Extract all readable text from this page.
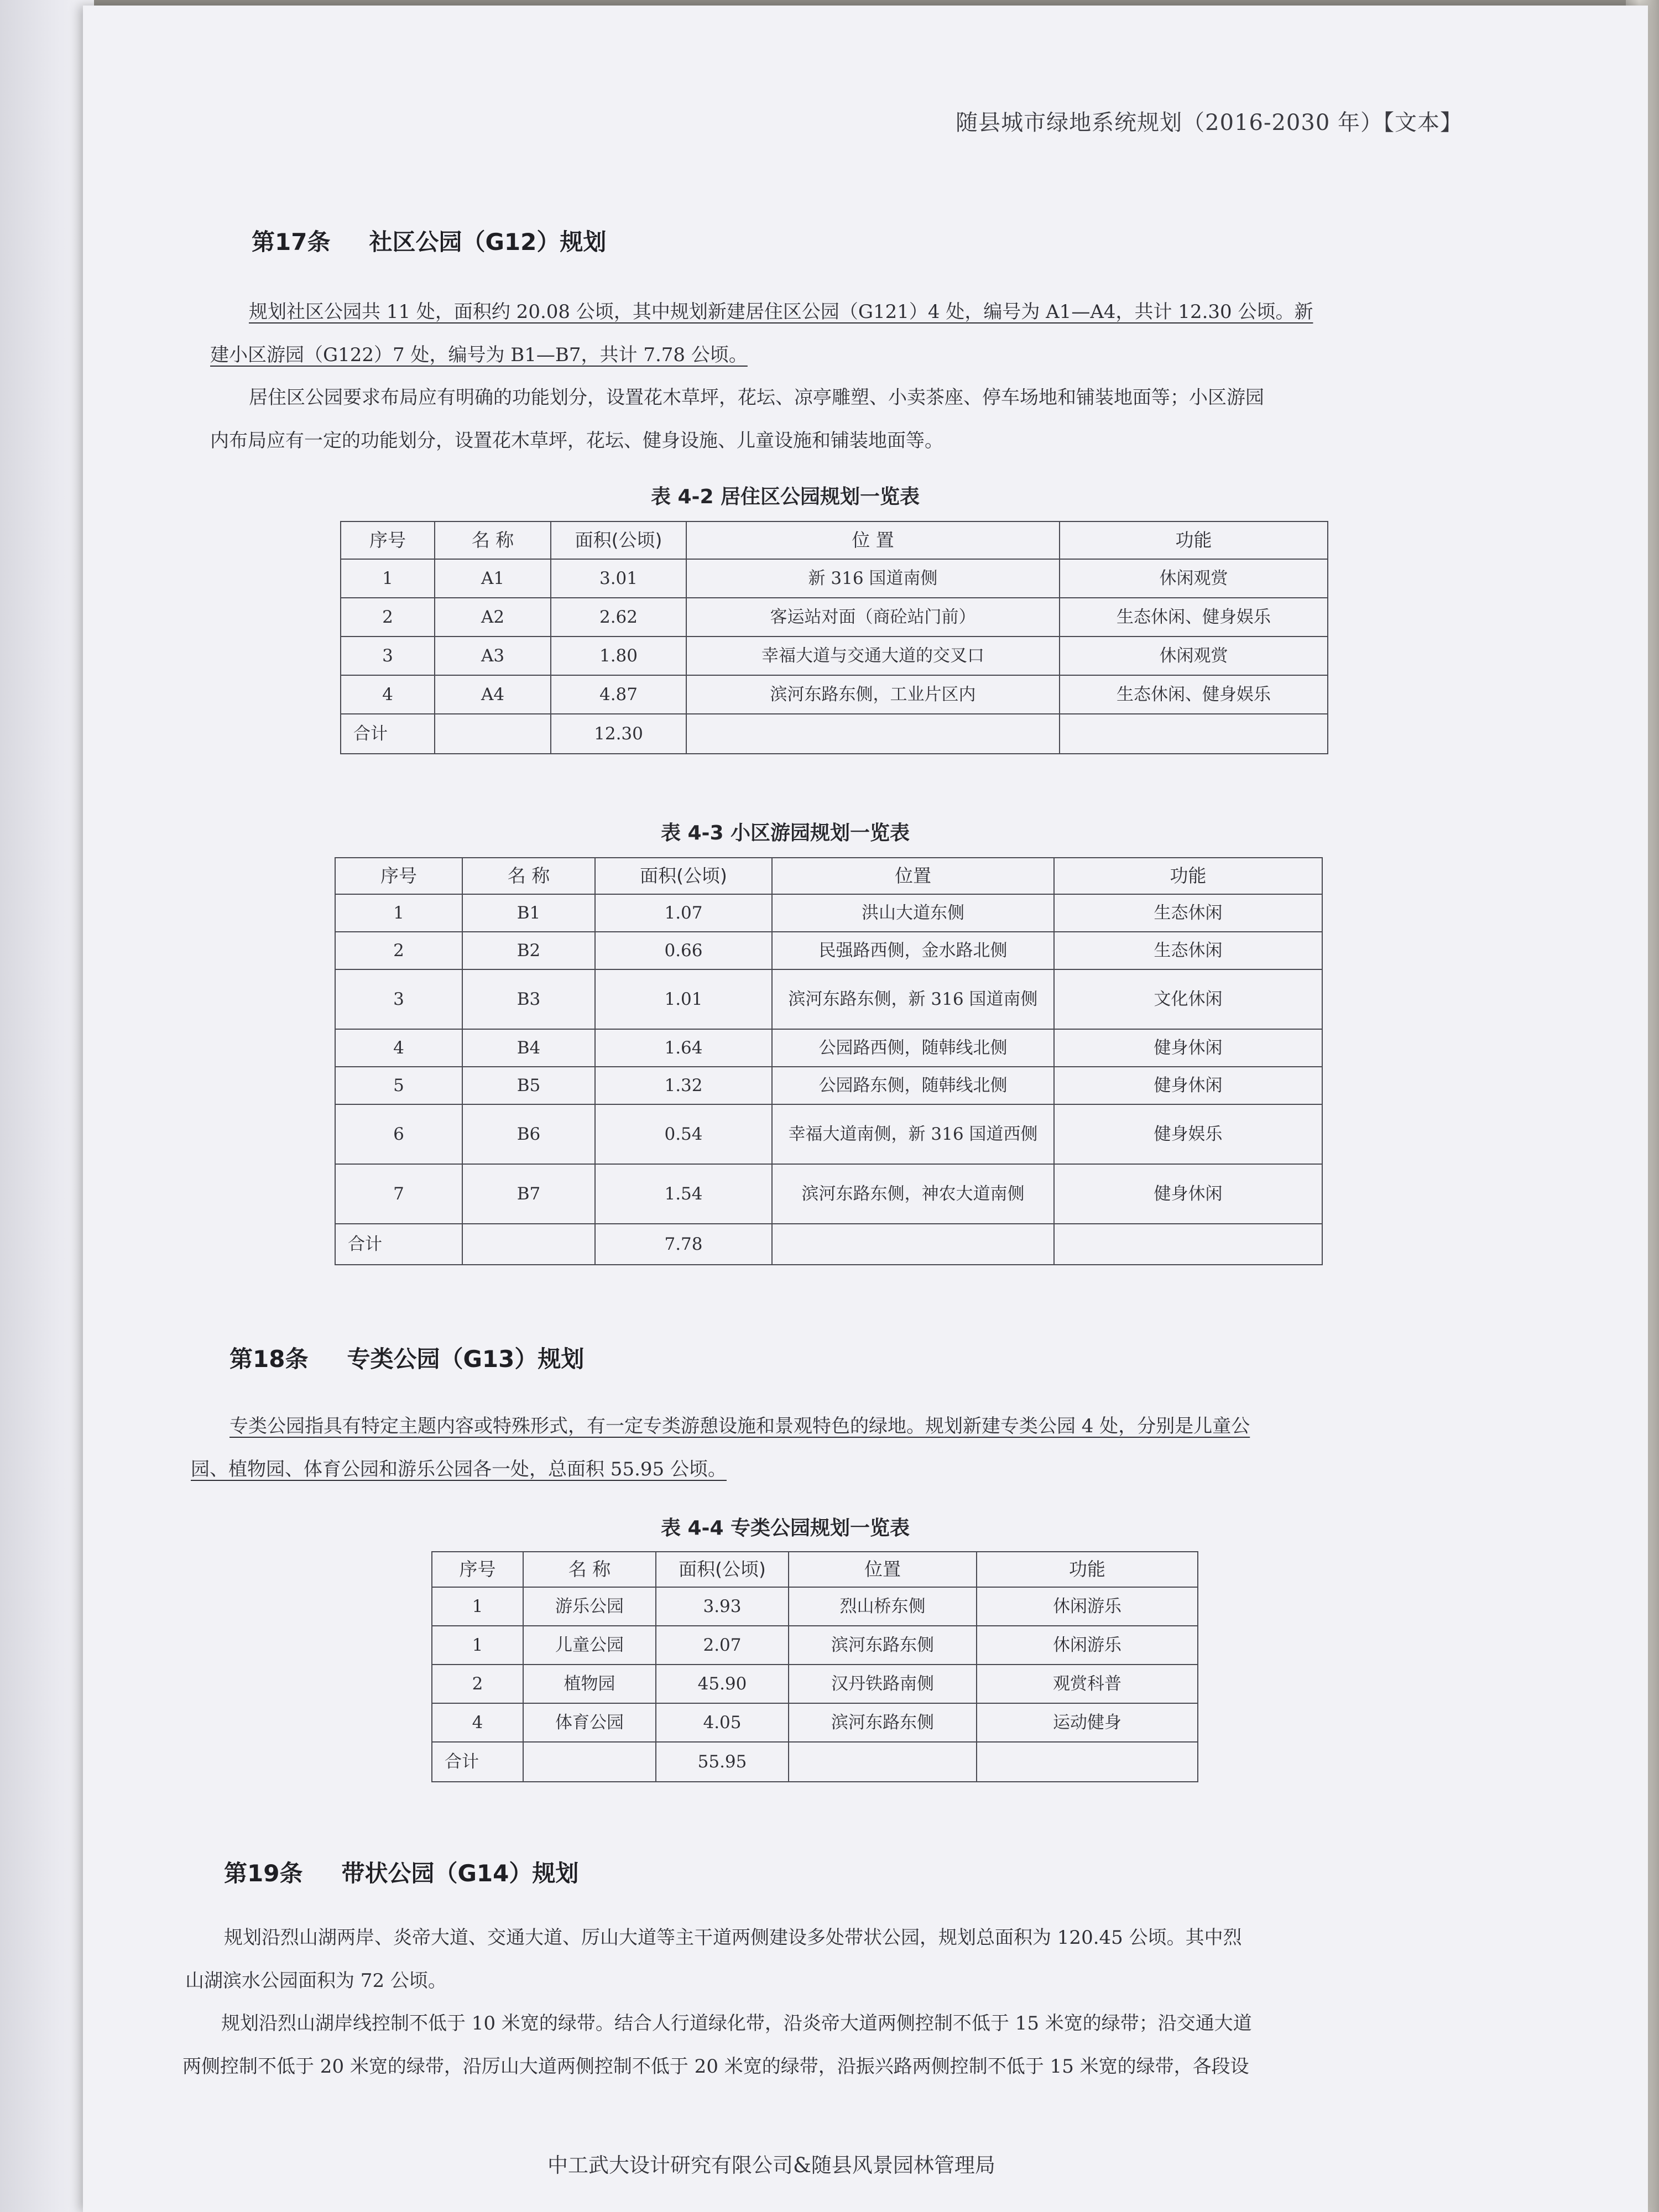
随县城市绿地系统规划（2016-2030 年）【文本】
第17条 社区公园（G12）规划
规划社区公园共 11 处，面积约 20.08 公顷，其中规划新建居住区公园（G121）4 处，编号为 A1—A4，共计 12.30 公顷。新
建小区游园（G122）7 处，编号为 B1—B7，共计 7.78 公顷。
居住区公园要求布局应有明确的功能划分，设置花木草坪，花坛、凉亭雕塑、小卖茶座、停车场地和铺装地面等；小区游园
内布局应有一定的功能划分，设置花木草坪，花坛、健身设施、儿童设施和铺装地面等。
表 4-2 居住区公园规划一览表
序号	名 称	面积(公顷)	位 置	功能
1	A1	3.01	新 316 国道南侧	休闲观赏
2	A2	2.62	客运站对面（商砼站门前）	生态休闲、健身娱乐
3	A3	1.80	幸福大道与交通大道的交叉口	休闲观赏
4	A4	4.87	滨河东路东侧，工业片区内	生态休闲、健身娱乐
合计		12.30		
表 4-3 小区游园规划一览表
序号	名 称	面积(公顷)	位置	功能
1	B1	1.07	洪山大道东侧	生态休闲
2	B2	0.66	民强路西侧，金水路北侧	生态休闲
3	B3	1.01	滨河东路东侧，新 316 国道南侧	文化休闲
4	B4	1.64	公园路西侧，随韩线北侧	健身休闲
5	B5	1.32	公园路东侧，随韩线北侧	健身休闲
6	B6	0.54	幸福大道南侧，新 316 国道西侧	健身娱乐
7	B7	1.54	滨河东路东侧，神农大道南侧	健身休闲
合计		7.78		
第18条 专类公园（G13）规划
专类公园指具有特定主题内容或特殊形式，有一定专类游憩设施和景观特色的绿地。规划新建专类公园 4 处，分别是儿童公
园、植物园、体育公园和游乐公园各一处，总面积 55.95 公顷。
表 4-4 专类公园规划一览表
序号	名 称	面积(公顷)	位置	功能
1	游乐公园	3.93	烈山桥东侧	休闲游乐
1	儿童公园	2.07	滨河东路东侧	休闲游乐
2	植物园	45.90	汉丹铁路南侧	观赏科普
4	体育公园	4.05	滨河东路东侧	运动健身
合计		55.95		
第19条 带状公园（G14）规划
规划沿烈山湖两岸、炎帝大道、交通大道、厉山大道等主干道两侧建设多处带状公园，规划总面积为 120.45 公顷。其中烈
山湖滨水公园面积为 72 公顷。
规划沿烈山湖岸线控制不低于 10 米宽的绿带。结合人行道绿化带，沿炎帝大道两侧控制不低于 15 米宽的绿带；沿交通大道
两侧控制不低于 20 米宽的绿带，沿厉山大道两侧控制不低于 20 米宽的绿带，沿振兴路两侧控制不低于 15 米宽的绿带，各段设
中工武大设计研究有限公司&随县风景园林管理局
